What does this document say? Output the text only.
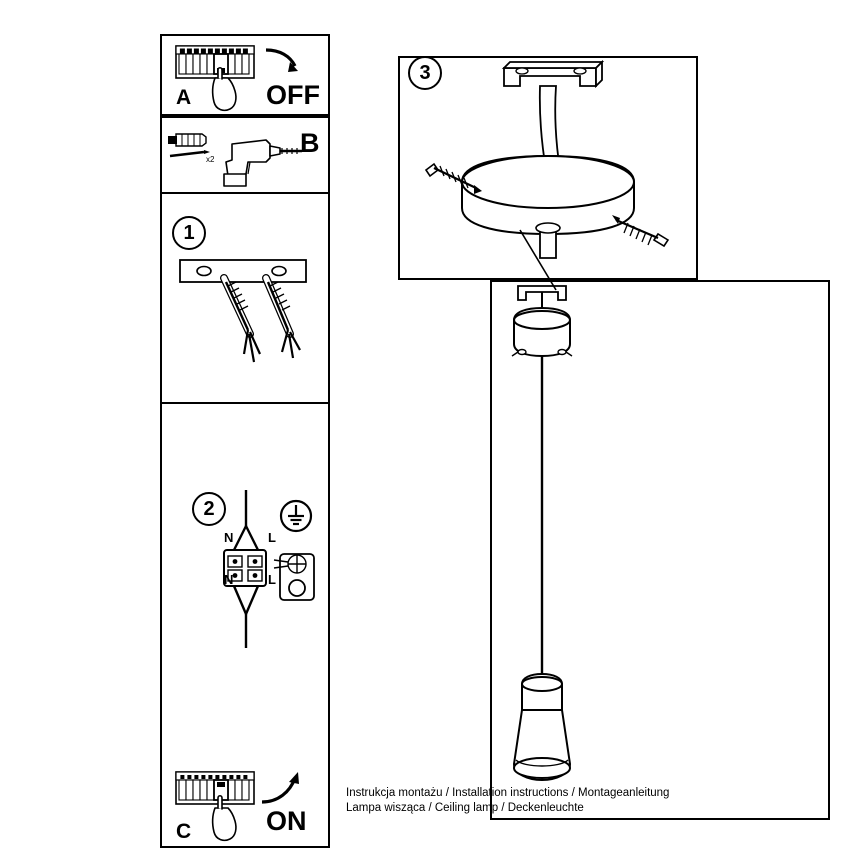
A	OFF
x2
B
1
2
N	L
N	L
C	ON
3
Instrukcja montażu / Installation instructions / Montageanleitung
Lampa wisząca / Ceiling lamp / Deckenleuchte
